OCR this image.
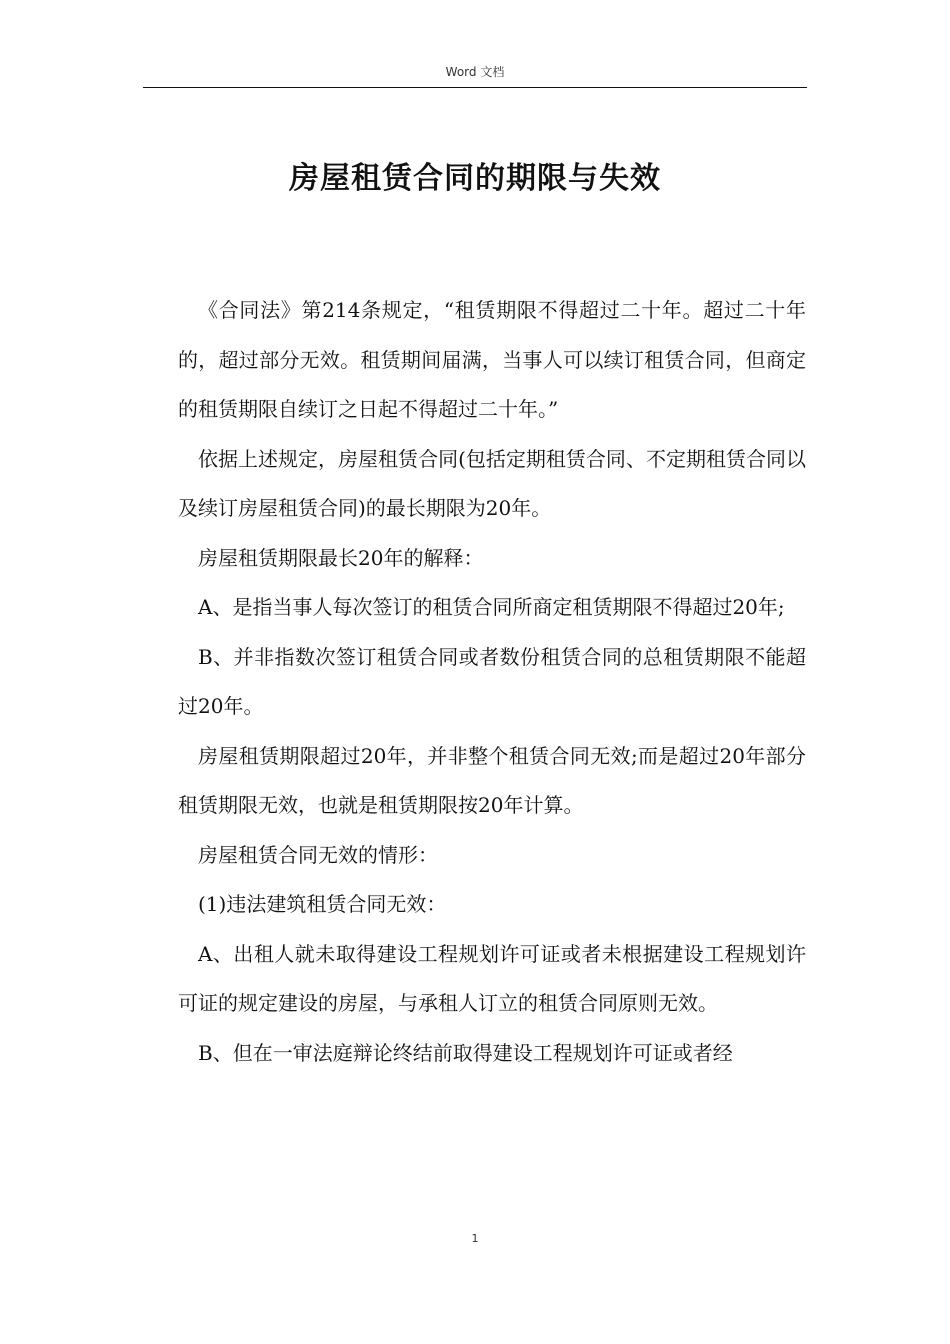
Word 文档
房屋租赁合同的期限与失效

《合同法》第214条规定，“租赁期限不得超过二十年。超过二十年的，超过部分无效。租赁期间届满，当事人可以续订租赁合同，但商定的租赁期限自续订之日起不得超过二十年。”

依据上述规定，房屋租赁合同(包括定期租赁合同、不定期租赁合同以及续订房屋租赁合同)的最长期限为20年。

房屋租赁期限最长20年的解释：

A、是指当事人每次签订的租赁合同所商定租赁期限不得超过20年;

B、并非指数次签订租赁合同或者数份租赁合同的总租赁期限不能超过20年。

房屋租赁期限超过20年，并非整个租赁合同无效;而是超过20年部分租赁期限无效，也就是租赁期限按20年计算。

房屋租赁合同无效的情形：

(1)违法建筑租赁合同无效：

A、出租人就未取得建设工程规划许可证或者未根据建设工程规划许可证的规定建设的房屋，与承租人订立的租赁合同原则无效。

B、但在一审法庭辩论终结前取得建设工程规划许可证或者经

1
